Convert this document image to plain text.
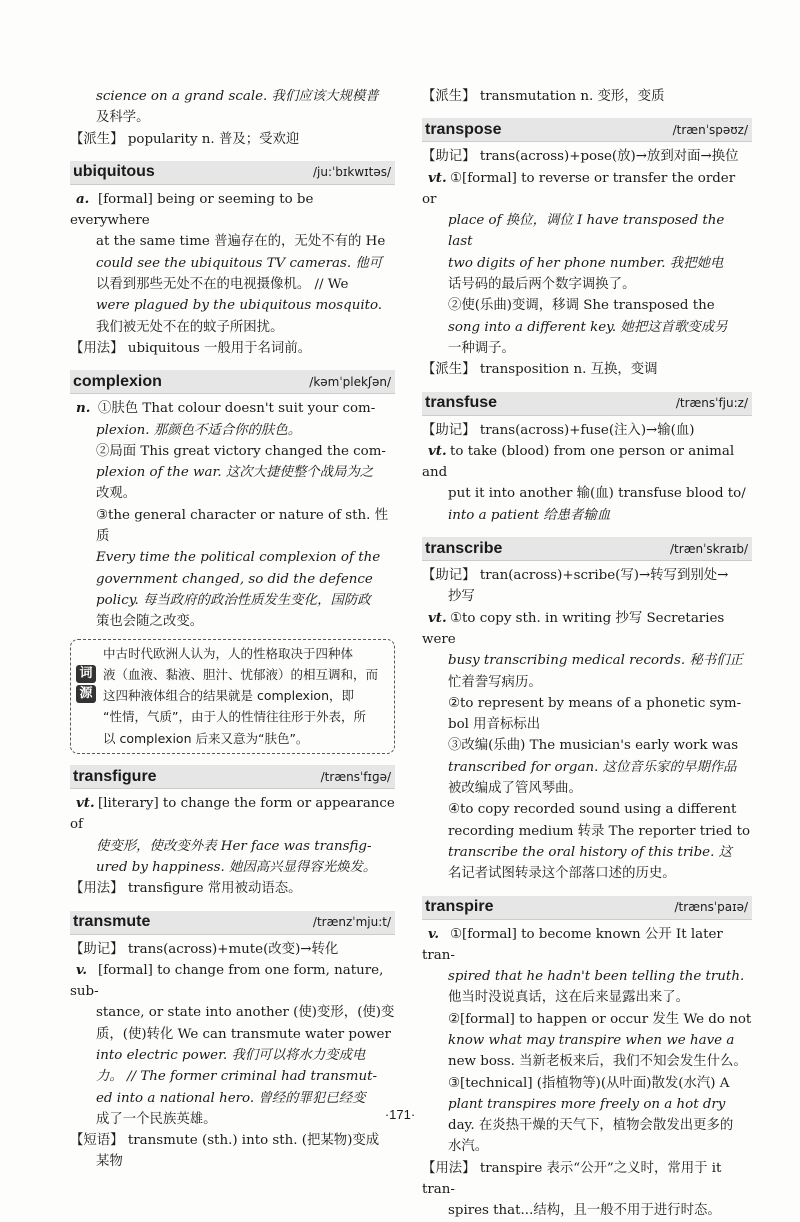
science on a grand scale. 我们应该大规模普

及科学。

【派生】 popularity n. 普及；受欢迎

ubiquitous	/ju:ˈbɪkwɪtəs/

a. [formal] being or seeming to be everywhere

at the same time 普遍存在的，无处不有的 He

could see the ubiquitous TV cameras. 他可

以看到那些无处不在的电视摄像机。 // We

were plagued by the ubiquitous mosquito.

我们被无处不在的蚊子所困扰。

【用法】 ubiquitous 一般用于名词前。

complexion	/kəmˈplekʃən/

n. ①肤色 That colour doesn't suit your com-

plexion. 那颜色不适合你的肤色。

②局面 This great victory changed the com-

plexion of the war. 这次大捷使整个战局为之

改观。

③the general character or nature of sth. 性质

Every time the political complexion of the

government changed, so did the defence

policy. 每当政府的政治性质发生变化，国防政

策也会随之改变。

词
源

中古时代欧洲人认为，人的性格取决于四种体

液（血液、黏液、胆汁、忧郁液）的相互调和，而

这四种液体组合的结果就是 complexion，即

“性情，气质”，由于人的性情往往形于外表，所

以 complexion 后来又意为“肤色”。

transfigure	/trænsˈfɪɡə/

vt. [literary] to change the form or appearance of

使变形，使改变外表 Her face was transfig-

ured by happiness. 她因高兴显得容光焕发。

【用法】 transfigure 常用被动语态。

transmute	/trænzˈmju:t/

【助记】 trans(across)+mute(改变)→转化

v. [formal] to change from one form, nature, sub-

stance, or state into another (使)变形，(使)变

质，(使)转化 We can transmute water power

into electric power. 我们可以将水力变成电

力。 // The former criminal had transmut-

ed into a national hero. 曾经的罪犯已经变

成了一个民族英雄。

【短语】 transmute (sth.) into sth. (把某物)变成

某物

【派生】 transmutation n. 变形，变质

transpose	/trænˈspəʊz/

【助记】 trans(across)+pose(放)→放到对面→换位

vt. ①[formal] to reverse or transfer the order or

place of 换位，调位 I have transposed the last

two digits of her phone number. 我把她电

话号码的最后两个数字调换了。

②使(乐曲)变调，移调 She transposed the

song into a different key. 她把这首歌变成另

一种调子。

【派生】 transposition n. 互换，变调

transfuse	/trænsˈfju:z/

【助记】 trans(across)+fuse(注入)→输(血)

vt. to take (blood) from one person or animal and

put it into another 输(血) transfuse blood to/

into a patient 给患者输血

transcribe	/trænˈskraɪb/

【助记】 tran(across)+scribe(写)→转写到别处→

抄写

vt. ①to copy sth. in writing 抄写 Secretaries were

busy transcribing medical records. 秘书们正

忙着誊写病历。

②to represent by means of a phonetic sym-

bol 用音标标出

③改编(乐曲) The musician's early work was

transcribed for organ. 这位音乐家的早期作品

被改编成了管风琴曲。

④to copy recorded sound using a different

recording medium 转录 The reporter tried to

transcribe the oral history of this tribe. 这

名记者试图转录这个部落口述的历史。

transpire	/trænsˈpaɪə/

v. ①[formal] to become known 公开 It later tran-

spired that he hadn't been telling the truth.

他当时没说真话，这在后来显露出来了。

②[formal] to happen or occur 发生 We do not

know what may transpire when we have a

new boss. 当新老板来后，我们不知会发生什么。

③[technical] (指植物等)(从叶面)散发(水汽) A

plant transpires more freely on a hot dry

day. 在炎热干燥的天气下，植物会散发出更多的

水汽。

【用法】 transpire 表示“公开”之义时，常用于 it tran-

spires that...结构，且一般不用于进行时态。

·171·
